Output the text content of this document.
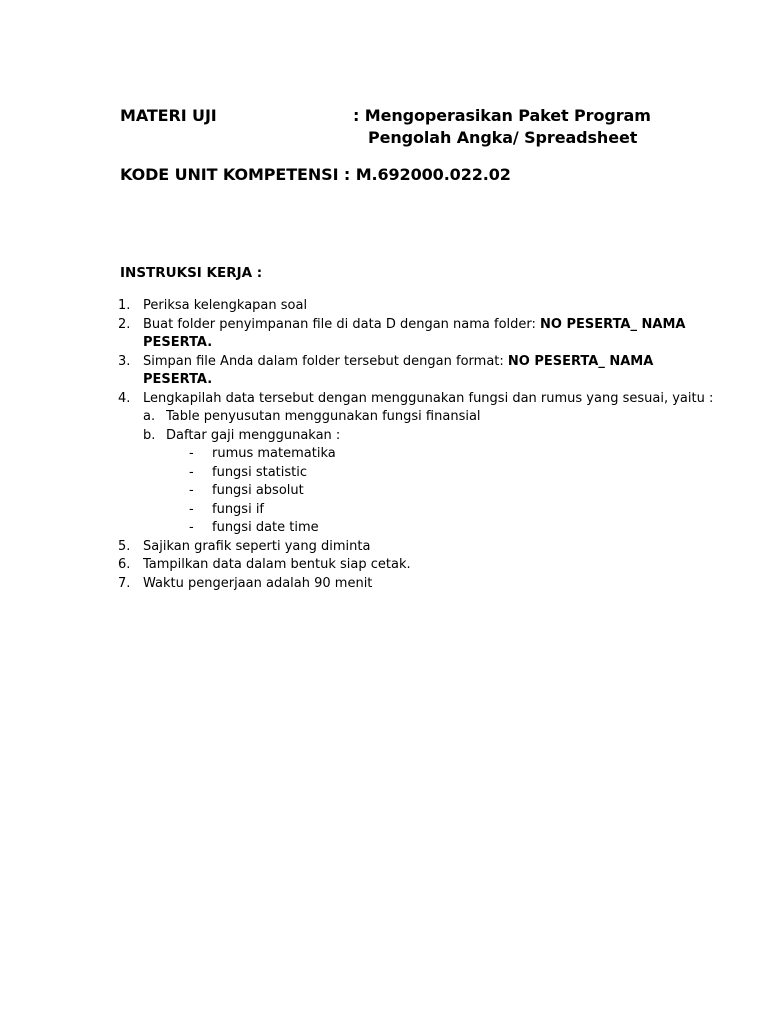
MATERI UJI	: Mengoperasikan Paket Program
Pengolah Angka/ Spreadsheet
KODE UNIT KOMPETENSI : M.692000.022.02
INSTRUKSI KERJA :
1. Periksa kelengkapan soal
2. Buat folder penyimpanan file di data D dengan nama folder: NO PESERTA_ NAMA
PESERTA.
3. Simpan file Anda dalam folder tersebut dengan format: NO PESERTA_ NAMA
PESERTA.
4. Lengkapilah data tersebut dengan menggunakan fungsi dan rumus yang sesuai, yaitu :
a. Table penyusutan menggunakan fungsi finansial
b. Daftar gaji menggunakan :
- rumus matematika
- fungsi statistic
- fungsi absolut
- fungsi if
- fungsi date time
5. Sajikan grafik seperti yang diminta
6. Tampilkan data dalam bentuk siap cetak.
7. Waktu pengerjaan adalah 90 menit
